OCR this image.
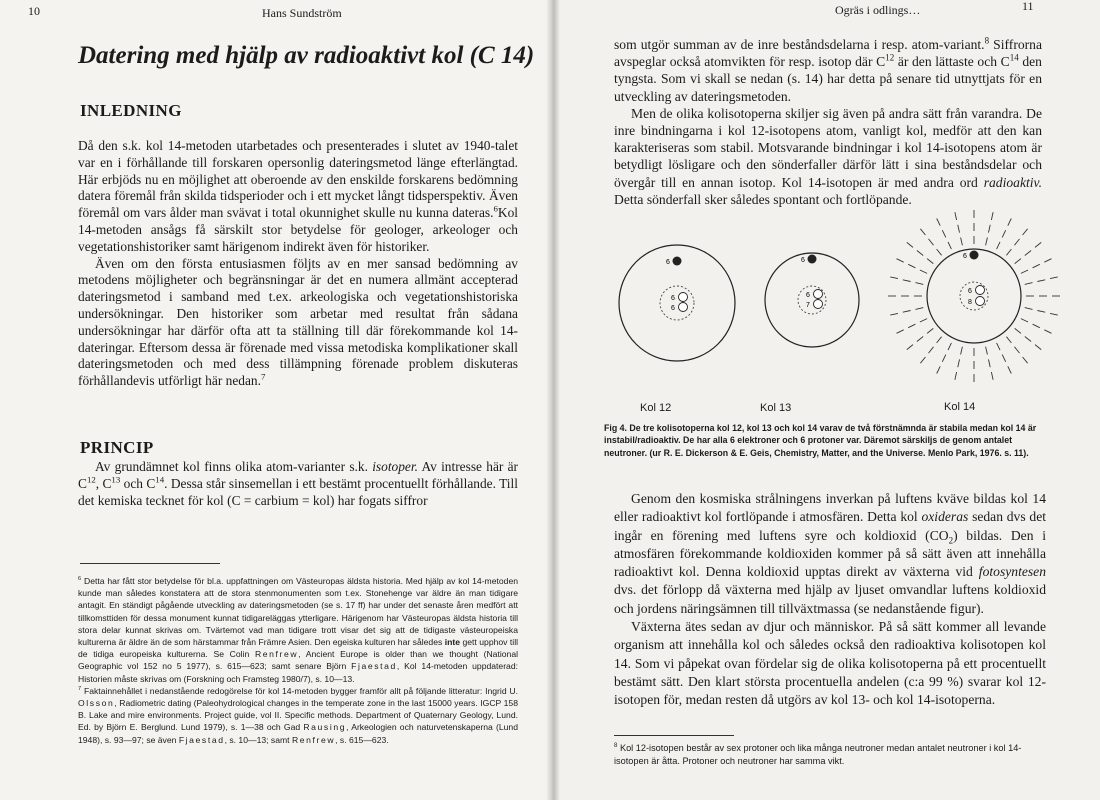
10	Hans Sundström
Datering med hjälp av radioaktivt kol (C 14)
INLEDNING

Då den s.k. kol 14-metoden utarbetades och presenterades i slutet av 1940-talet var en i förhållande till forskaren opersonlig dateringsmetod länge efterlängtad. Här erbjöds nu en möjlighet att oberoende av den enskilde forskarens bedömning datera föremål från skilda tidsperioder och i ett mycket långt tidsperspektiv. Även föremål om vars ålder man svävat i total okunnighet skulle nu kunna dateras.$^6$Kol 14-metoden ansågs få särskilt stor betydelse för geologer, arkeologer och vegetationshistoriker samt härigenom indirekt även för historiker.

Även om den första entusiasmen följts av en mer sansad bedömning av metodens möjligheter och begränsningar är det en numera allmänt accepterad dateringsmetod i samband med t.ex. arkeologiska och vegetationshistoriska undersökningar. Den historiker som arbetar med resultat från sådana undersökningar har därför ofta att ta ställning till där förekommande kol 14-dateringar. Eftersom dessa är förenade med vissa metodiska komplikationer skall dateringsmetoden och med dess tillämpning förenade problem diskuteras förhållandevis utförligt här nedan.$^7$

PRINCIP

Av grundämnet kol finns olika atom-varianter s.k. isotoper. Av intresse här är $C^{12}$, $C^{13}$ och $C^{14}$. Dessa står sinsemellan i ett bestämt procentuellt förhållande. Till det kemiska tecknet för kol (C = carbium = kol) har fogats siffror

$^6$ Detta har fått stor betydelse för bl.a. uppfattningen om Västeuropas äldsta historia. Med hjälp av kol 14-metoden kunde man således konstatera att de stora stenmonumenten som t.ex. Stonehenge var äldre än man tidigare antagit. En ständigt pågående utveckling av dateringsmetoden (se s. 17 ff) har under det senaste åren medfört att tillkomsttiden för dessa monument kunnat tidigareläggas ytterligare. Härigenom har Västeuropas äldsta historia till stora delar kunnat skrivas om. Tvärtemot vad man tidigare trott visar det sig att de tidigaste västeuropeiska kulturerna är äldre än de som härstammar från Främre Asien. Den egeiska kulturen har således inte gett upphov till de tidiga europeiska kulturerna. Se Colin Renfrew, Ancient Europe is older than we thought (National Geographic vol 152 no 5 1977), s. 615—623; samt senare Björn Fjaestad, Kol 14-metoden uppdaterad: Historien måste skrivas om (Forskning och Framsteg 1980/7), s. 10—13.

$^7$ Faktainnehållet i nedanstående redogörelse för kol 14-metoden bygger framför allt på följande litteratur: Ingrid U. Olsson, Radiometric dating (Paleohydrological changes in the temperate zone in the last 15000 years. IGCP 158 B. Lake and mire environments. Project guide, vol II. Specific methods. Department of Quaternary Geology, Lund. Ed. by Björn E. Berglund. Lund 1979), s. 1—38 och Gad Rausing, Arkeologien och naturvetenskaperna (Lund 1948), s. 93—97; se även Fjaestad, s. 10—13; samt Renfrew, s. 615—623.

Ogräs i odlings…	11

som utgör summan av de inre beståndsdelarna i resp. atom-variant.$^8$ Siffrorna avspeglar också atomvikten för resp. isotop där $C^{12}$ är den lättaste och $C^{14}$ den tyngsta. Som vi skall se nedan (s. 14) har detta på senare tid utnyttjats för en utveckling av dateringsmetoden.

Men de olika kolisotoperna skiljer sig även på andra sätt från varandra. De inre bindningarna i kol 12-isotopens atom, vanligt kol, medför att den kan karakteriseras som stabil. Motsvarande bindningar i kol 14-isotopens atom är betydligt lösligare och den sönderfaller därför lätt i sina beståndsdelar och övergår till en annan isotop. Kol 14-isotopen är med andra ord radioaktiv. Detta sönderfall sker således spontant och fortlöpande.

6
6
6
6
6
7
6
6
8
Kol 12	Kol 13	Kol 14
Fig 4. De tre kolisotoperna kol 12, kol 13 och kol 14 varav de två förstnämnda är stabila medan kol 14 är instabil/radioaktiv. De har alla 6 elektroner och 6 protoner var. Däremot särskiljs de genom antalet neutroner. (ur R. E. Dickerson & E. Geis, Chemistry, Matter, and the Universe. Menlo Park, 1976. s. 11).

Genom den kosmiska strålningens inverkan på luftens kväve bildas kol 14 eller radioaktivt kol fortlöpande i atmosfären. Detta kol oxideras sedan dvs det ingår en förening med luftens syre och koldioxid $(CO_2)$ bildas. Den i atmosfären förekommande koldioxiden kommer på så sätt även att innehålla radioaktivt kol. Denna koldioxid upptas direkt av växterna vid fotosyntesen dvs. det förlopp då växterna med hjälp av ljuset omvandlar luftens koldioxid och jordens näringsämnen till tillväxtmassa (se nedanstående figur).

Växterna ätes sedan av djur och människor. På så sätt kommer all levande organism att innehålla kol och således också den radioaktiva kolisotopen kol 14. Som vi påpekat ovan fördelar sig de olika kolisotoperna på ett procentuellt bestämt sätt. Den klart största procentuella andelen (c:a 99 %) svarar kol 12-isotopen för, medan resten då utgörs av kol 13- och kol 14-isotoperna.

$^8$ Kol 12-isotopen består av sex protoner och lika många neutroner medan antalet neutroner i kol 14-isotopen är åtta. Protoner och neutroner har samma vikt.
